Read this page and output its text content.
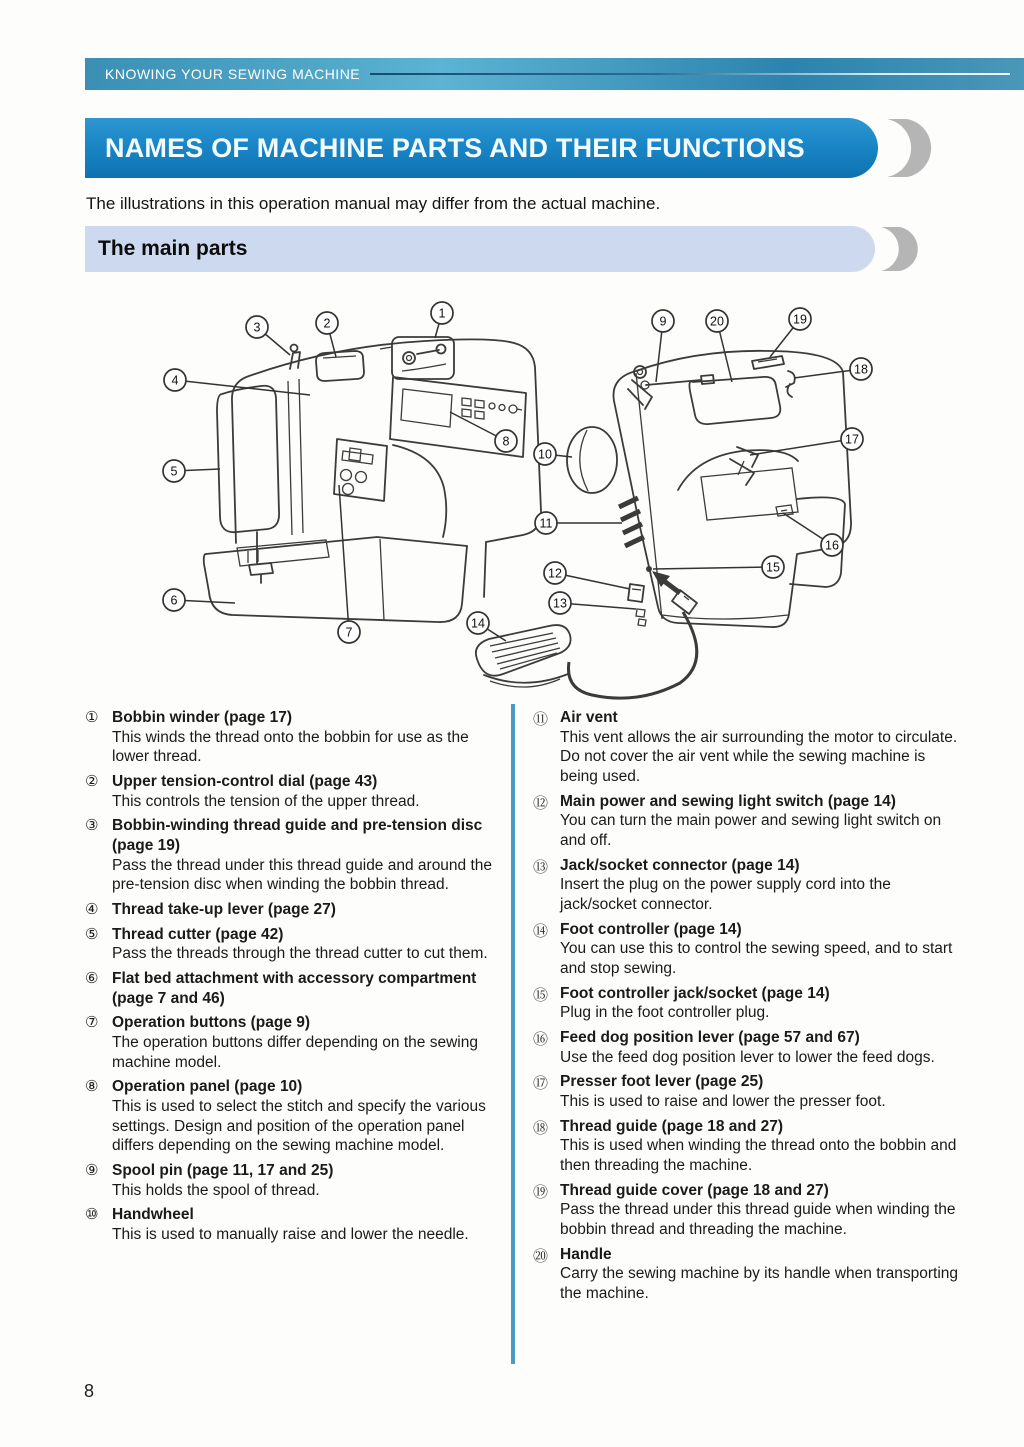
KNOWING YOUR SEWING MACHINE
NAMES OF MACHINE PARTS AND THEIR FUNCTIONS
The illustrations in this operation manual may differ from the actual machine.
The main parts
1
2
3
4
5
6
7
8
9
10
11
12
13
14
15
16
17
18
19
20
① Bobbin winder (page 17)
This winds the thread onto the bobbin for use as the lower thread.
② Upper tension-control dial (page 43)
This controls the tension of the upper thread.
③ Bobbin-winding thread guide and pre-tension disc (page 19)
Pass the thread under this thread guide and around the pre-tension disc when winding the bobbin thread.
④ Thread take-up lever (page 27)
⑤ Thread cutter (page 42)
Pass the threads through the thread cutter to cut them.
⑥ Flat bed attachment with accessory compartment (page 7 and 46)
⑦ Operation buttons (page 9)
The operation buttons differ depending on the sewing machine model.
⑧ Operation panel (page 10)
This is used to select the stitch and specify the various settings. Design and position of the operation panel differs depending on the sewing machine model.
⑨ Spool pin (page 11, 17 and 25)
This holds the spool of thread.
⑩ Handwheel
This is used to manually raise and lower the needle.
⑪ Air vent
This vent allows the air surrounding the motor to circulate. Do not cover the air vent while the sewing machine is being used.
⑫ Main power and sewing light switch (page 14)
You can turn the main power and sewing light switch on and off.
⑬ Jack/socket connector (page 14)
Insert the plug on the power supply cord into the jack/socket connector.
⑭ Foot controller (page 14)
You can use this to control the sewing speed, and to start and stop sewing.
⑮ Foot controller jack/socket (page 14)
Plug in the foot controller plug.
⑯ Feed dog position lever (page 57 and 67)
Use the feed dog position lever to lower the feed dogs.
⑰ Presser foot lever (page 25)
This is used to raise and lower the presser foot.
⑱ Thread guide (page 18 and 27)
This is used when winding the thread onto the bobbin and then threading the machine.
⑲ Thread guide cover (page 18 and 27)
Pass the thread under this thread guide when winding the bobbin thread and threading the machine.
⑳ Handle
Carry the sewing machine by its handle when transporting the machine.
8
